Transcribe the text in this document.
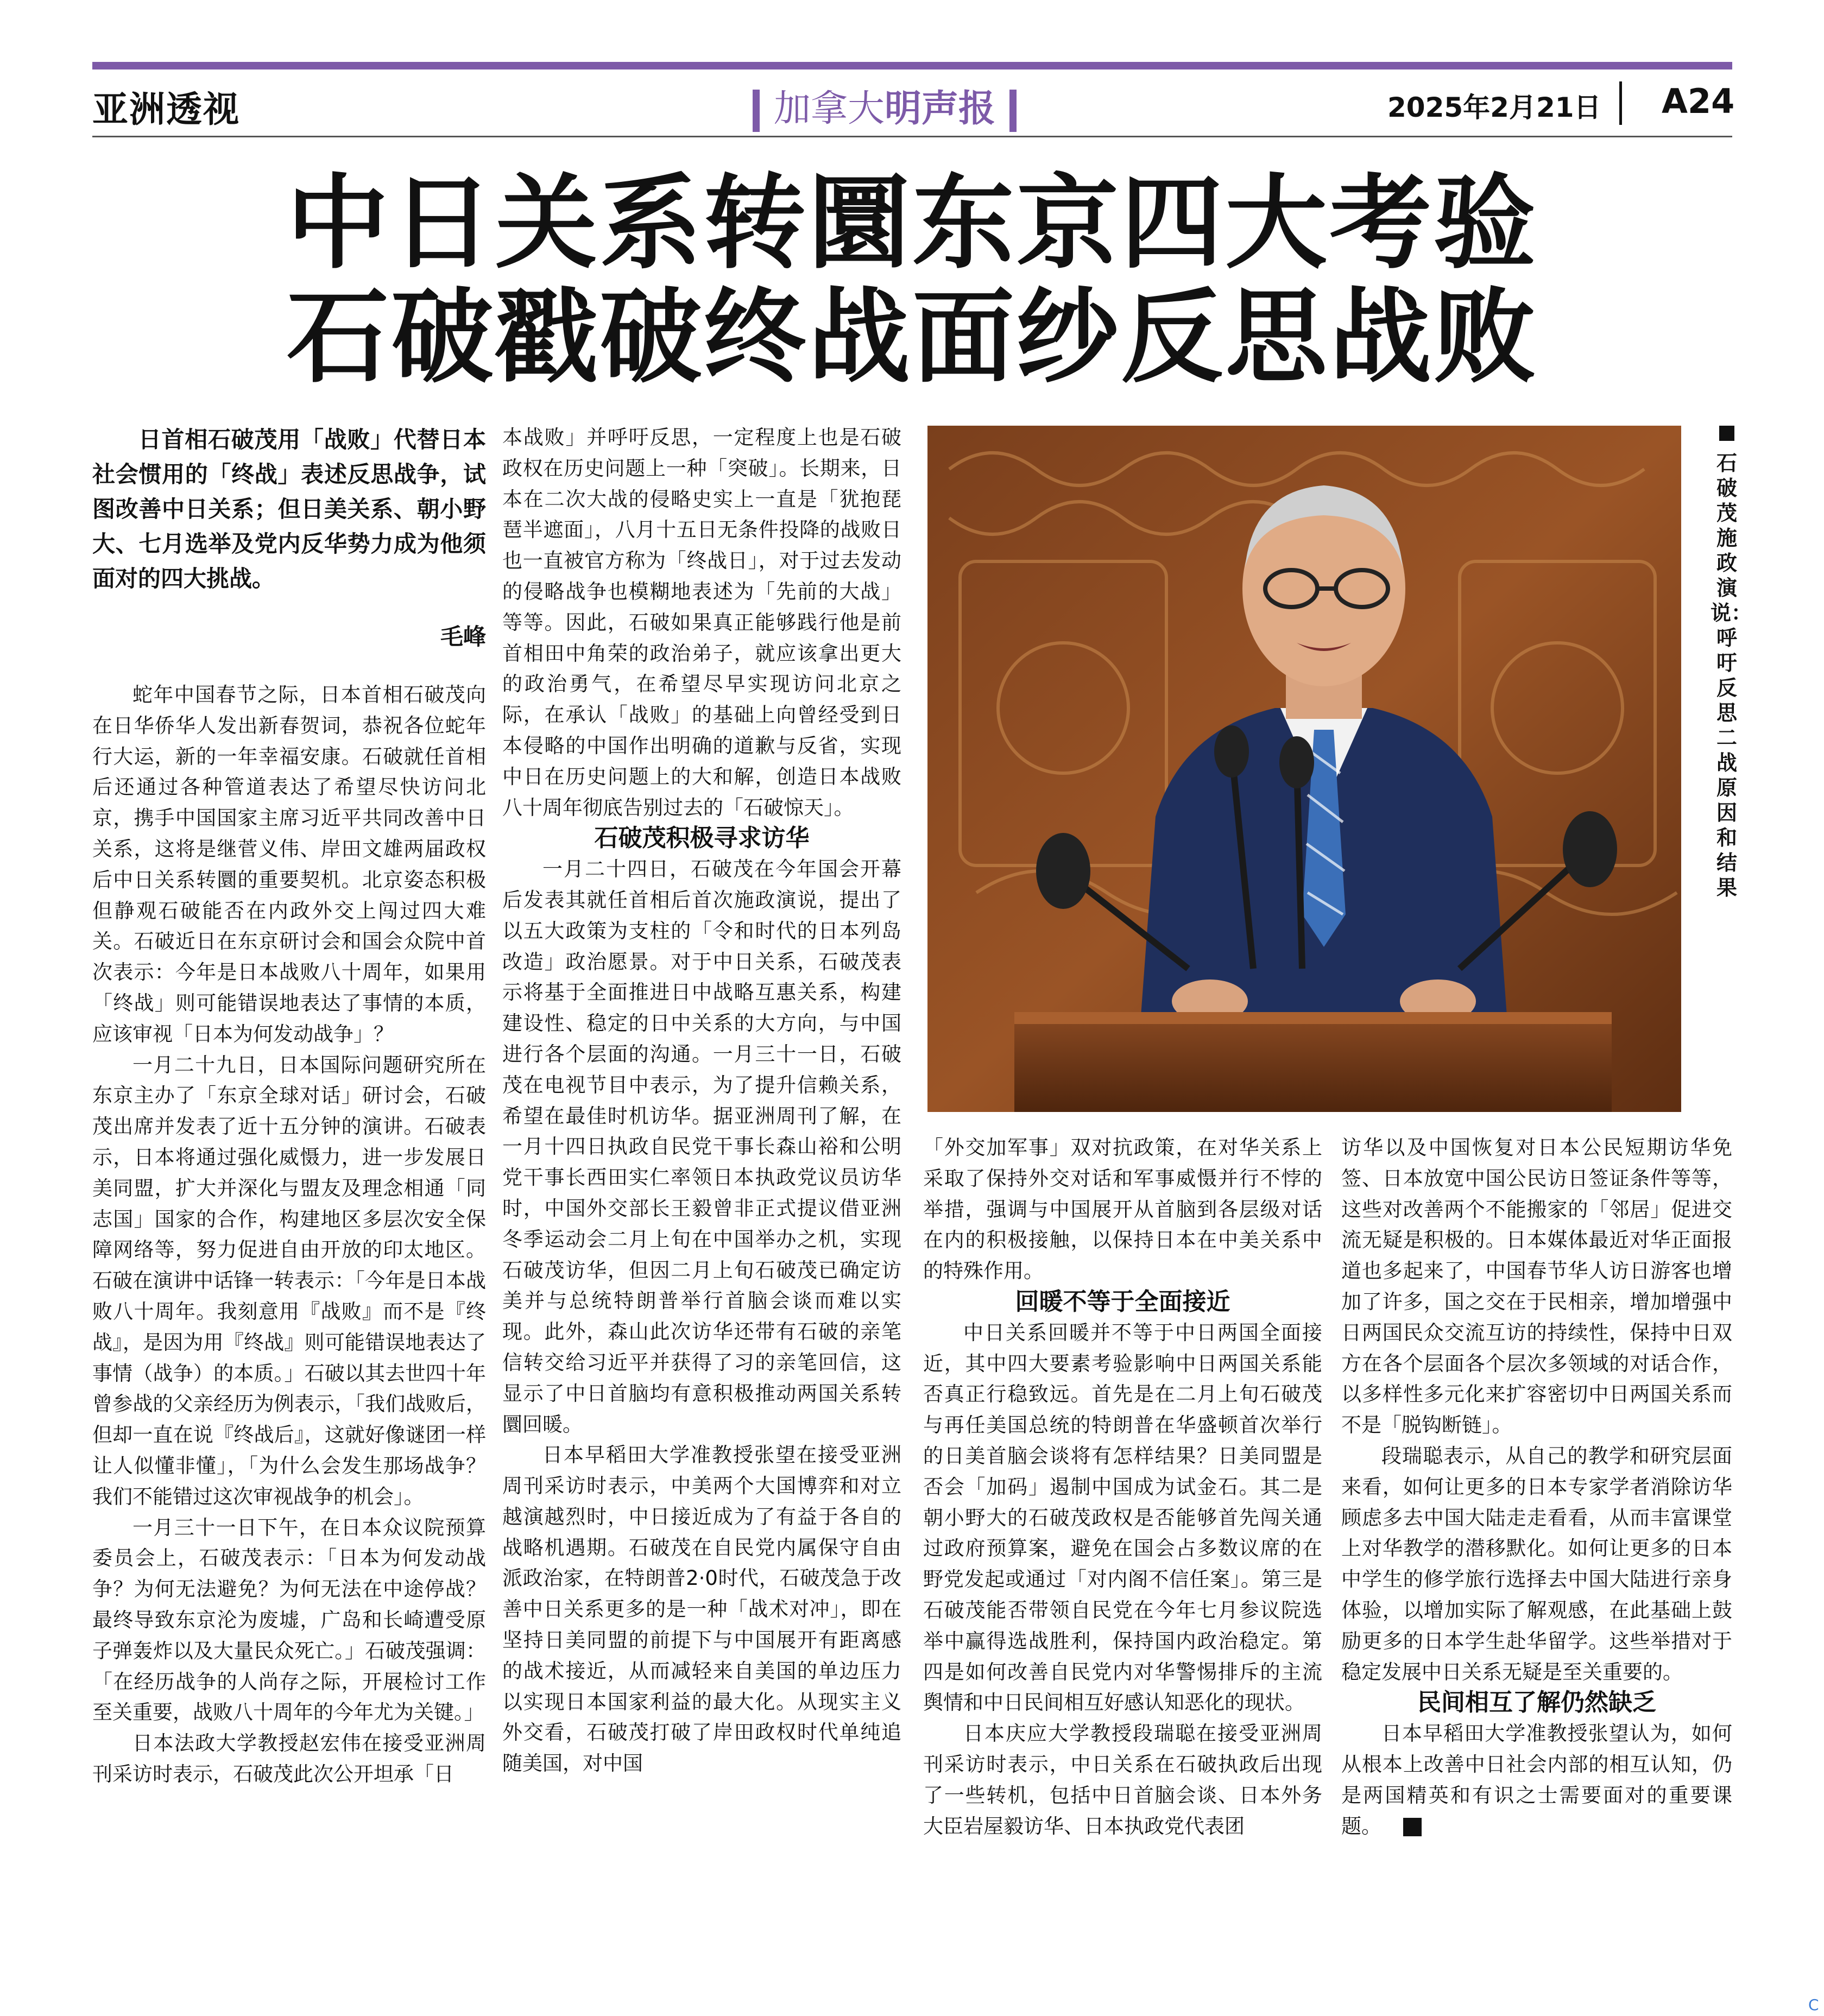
亚洲透视	加拿大明声报	2025年2月21日 A24
中日关系转圜东京四大考验
石破戳破终战面纱反思战败
日首相石破茂用「战败」代替日本社会惯用的「终战」表述反思战争，试图改善中日关系；但日美关系、朝小野大、七月选举及党内反华势力成为他须面对的四大挑战。
毛峰

蛇年中国春节之际，日本首相石破茂向在日华侨华人发出新春贺词，恭祝各位蛇年行大运，新的一年幸福安康。石破就任首相后还通过各种管道表达了希望尽快访问北京，携手中国国家主席习近平共同改善中日关系，这将是继菅义伟、岸田文雄两届政权后中日关系转圜的重要契机。北京姿态积极但静观石破能否在内政外交上闯过四大难关。石破近日在东京研讨会和国会众院中首次表示：今年是日本战败八十周年，如果用「终战」则可能错误地表达了事情的本质，应该审视「日本为何发动战争」？

一月二十九日，日本国际问题研究所在东京主办了「东京全球对话」研讨会，石破茂出席并发表了近十五分钟的演讲。石破表示，日本将通过强化威慑力，进一步发展日美同盟，扩大并深化与盟友及理念相通「同志国」国家的合作，构建地区多层次安全保障网络等，努力促进自由开放的印太地区。石破在演讲中话锋一转表示：「今年是日本战败八十周年。我刻意用『战败』而不是『终战』，是因为用『终战』则可能错误地表达了事情（战争）的本质。」石破以其去世四十年曾参战的父亲经历为例表示，「我们战败后，但却一直在说『终战后』，这就好像谜团一样让人似懂非懂」，「为什么会发生那场战争？我们不能错过这次审视战争的机会」。

一月三十一日下午，在日本众议院预算委员会上，石破茂表示：「日本为何发动战争？为何无法避免？为何无法在中途停战？最终导致东京沦为废墟，广岛和长崎遭受原子弹轰炸以及大量民众死亡。」石破茂强调：「在经历战争的人尚存之际，开展检讨工作至关重要，战败八十周年的今年尤为关键。」

日本法政大学教授赵宏伟在接受亚洲周刊采访时表示，石破茂此次公开坦承「日

本战败」并呼吁反思，一定程度上也是石破政权在历史问题上一种「突破」。长期来，日本在二次大战的侵略史实上一直是「犹抱琵琶半遮面」，八月十五日无条件投降的战败日也一直被官方称为「终战日」，对于过去发动的侵略战争也模糊地表述为「先前的大战」等等。因此，石破如果真正能够践行他是前首相田中角荣的政治弟子，就应该拿出更大的政治勇气，在希望尽早实现访问北京之际，在承认「战败」的基础上向曾经受到日本侵略的中国作出明确的道歉与反省，实现中日在历史问题上的大和解，创造日本战败八十周年彻底告别过去的「石破惊天」。

石破茂积极寻求访华

一月二十四日，石破茂在今年国会开幕后发表其就任首相后首次施政演说，提出了以五大政策为支柱的「令和时代的日本列岛改造」政治愿景。对于中日关系，石破茂表示将基于全面推进日中战略互惠关系，构建建设性、稳定的日中关系的大方向，与中国进行各个层面的沟通。一月三十一日，石破茂在电视节目中表示，为了提升信赖关系，希望在最佳时机访华。据亚洲周刊了解，在一月十四日执政自民党干事长森山裕和公明党干事长西田实仁率领日本执政党议员访华时，中国外交部长王毅曾非正式提议借亚洲冬季运动会二月上旬在中国举办之机，实现石破茂访华，但因二月上旬石破茂已确定访美并与总统特朗普举行首脑会谈而难以实现。此外，森山此次访华还带有石破的亲笔信转交给习近平并获得了习的亲笔回信，这显示了中日首脑均有意积极推动两国关系转圜回暖。

日本早稻田大学准教授张望在接受亚洲周刊采访时表示，中美两个大国博弈和对立越演越烈时，中日接近成为了有益于各自的战略机遇期。石破茂在自民党内属保守自由派政治家，在特朗普2·0时代，石破茂急于改善中日关系更多的是一种「战术对冲」，即在坚持日美同盟的前提下与中国展开有距离感的战术接近，从而减轻来自美国的单边压力以实现日本国家利益的最大化。从现实主义外交看，石破茂打破了岸田政权时代单纯追随美国，对中国

石破茂施政演说：呼吁反思二战原因和结果

「外交加军事」双对抗政策，在对华关系上采取了保持外交对话和军事威慑并行不悖的举措，强调与中国展开从首脑到各层级对话在内的积极接触，以保持日本在中美关系中的特殊作用。

回暖不等于全面接近

中日关系回暖并不等于中日两国全面接近，其中四大要素考验影响中日两国关系能否真正行稳致远。首先是在二月上旬石破茂与再任美国总统的特朗普在华盛顿首次举行的日美首脑会谈将有怎样结果？日美同盟是否会「加码」遏制中国成为试金石。其二是朝小野大的石破茂政权是否能够首先闯关通过政府预算案，避免在国会占多数议席的在野党发起或通过「对内阁不信任案」。第三是石破茂能否带领自民党在今年七月参议院选举中赢得选战胜利，保持国内政治稳定。第四是如何改善自民党内对华警惕排斥的主流舆情和中日民间相互好感认知恶化的现状。

日本庆应大学教授段瑞聪在接受亚洲周刊采访时表示，中日关系在石破执政后出现了一些转机，包括中日首脑会谈、日本外务大臣岩屋毅访华、日本执政党代表团

访华以及中国恢复对日本公民短期访华免签、日本放宽中国公民访日签证条件等等，这些对改善两个不能搬家的「邻居」促进交流无疑是积极的。日本媒体最近对华正面报道也多起来了，中国春节华人访日游客也增加了许多，国之交在于民相亲，增加增强中日两国民众交流互访的持续性，保持中日双方在各个层面各个层次多领域的对话合作，以多样性多元化来扩容密切中日两国关系而不是「脱钩断链」。

段瑞聪表示，从自己的教学和研究层面来看，如何让更多的日本专家学者消除访华顾虑多去中国大陆走走看看，从而丰富课堂上对华教学的潜移默化。如何让更多的日本中学生的修学旅行选择去中国大陆进行亲身体验，以增加实际了解观感，在此基础上鼓励更多的日本学生赴华留学。这些举措对于稳定发展中日关系无疑是至关重要的。

民间相互了解仍然缺乏

日本早稻田大学准教授张望认为，如何从根本上改善中日社会内部的相互认知，仍是两国精英和有识之士需要面对的重要课题。

C
